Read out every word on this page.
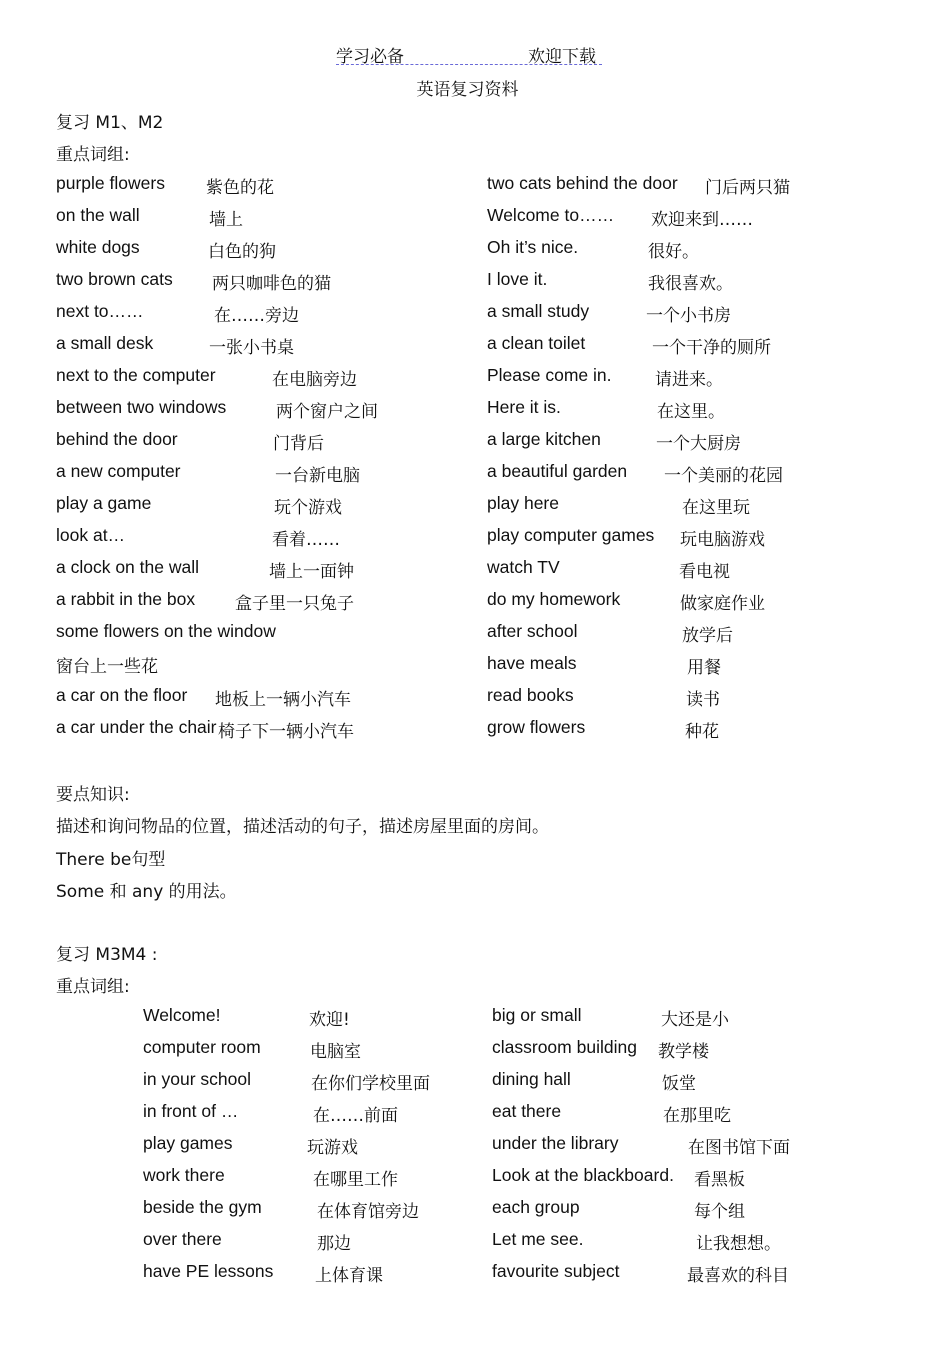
学习必备	欢迎下载
英语复习资料
复习 M1、M2
重点词组:
purple flowers 紫色的花
on the wall	墙上
white dogs	白色的狗
two brown cats 两只咖啡色的猫
next to……	在……旁边
a small desk	一张小书桌
next to the computer	在电脑旁边
between two windows	两个窗户之间
behind the door	门背后
a new computer	一台新电脑
play a game	玩个游戏
look at…	看着……
a clock on the wall	墙上一面钟
a rabbit in the box 盒子里一只兔子
some flowers on the window
窗台上一些花
a car on the floor 地板上一辆小汽车
a car under the chair 椅子下一辆小汽车
two cats behind the door 门后两只猫
Welcome to…… 欢迎来到……
Oh it’s nice.	很好。
I love it.	我很喜欢。
a small study	一个小书房
a clean toilet	一个干净的厕所
Please come in.	请进来。
Here it is.	在这里。
a large kitchen	一个大厨房
a beautiful garden 一个美丽的花园
play here	在这里玩
play computer games 玩电脑游戏
watch TV	看电视
do my homework	做家庭作业
after school	放学后
have meals	用餐
read books	读书
grow flowers	种花
要点知识:
描述和询问物品的位置，描述活动的句子，描述房屋里面的房间。
There be句型
Some 和 any 的用法。
复习 M3M4 :
重点词组:
Welcome!	欢迎!
computer room	电脑室
in your school	在你们学校里面
in front of …	在……前面
play games	玩游戏
work there	在哪里工作
beside the gym	在体育馆旁边
over there	那边
have PE lessons 上体育课
big or small	大还是小
classroom building 教学楼
dining hall	饭堂
eat there	在那里吃
under the library	在图书馆下面
Look at the blackboard. 看黑板
each group	每个组
Let me see.	让我想想。
favourite subject	最喜欢的科目
